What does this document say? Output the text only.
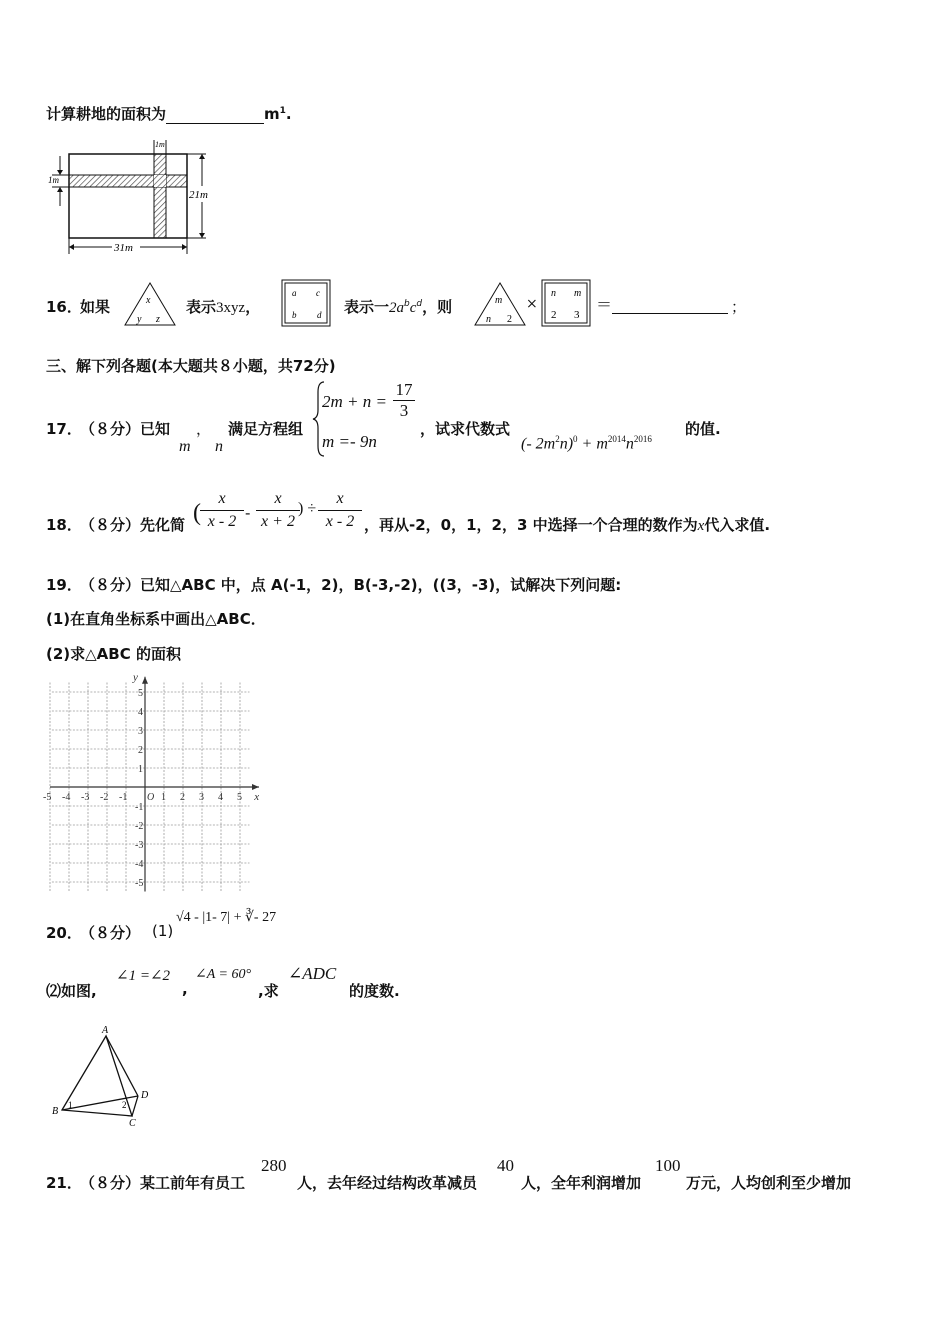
计算耕地的面积为	$m^1$.
1m
1m
21m
31m
16．
如果	x
y z
表示3xyz，
a c
b d 表示一$2a^bc^d$，则	m
n 2
×
n m
2 3
＝	；
三、解下列各题(本大题共８小题，共72分)
17．
（８分）已知 ，
m n
满足方程组
$2m + n = \frac{17}{3}$
m =- 9n
，试求代数式
(- $2m^2n)^0 + m^{2014}n^{2016}$
的值.
18．
（８分）先化简 ( $\frac{x}{x - 2} - \frac{x}{x + 2}$
) ÷ $\frac{x}{x - 2}$ ，再从-2，0，1，2，3 中选择一个合理的数作为x代入求值.
19．
（８分）已知△ABC 中，点 A(-1，2)，B(-3,-2)，((3，-3)，试解决下列问题:
(1)在直角坐标系中画出△ABC．
(2)求△ABC 的面积
-5 -4 -3 -2 -1	1 2 3 4 5
5
4
3
2
1
-1
-2
-3
-4
-5
O	x
y
20．
（８分） (1)
√4 - |1- 7| + ∛- 27
⑵如图,
∠1 =∠2
,
∠A = 60°
,求
∠ADC
的度数.
A
B
C
D
1	2
21．
（８分）某工前年有员工
280
人，去年经过结构改革减员
40
人，全年利润增加
100
万元，人均创利至少增加
